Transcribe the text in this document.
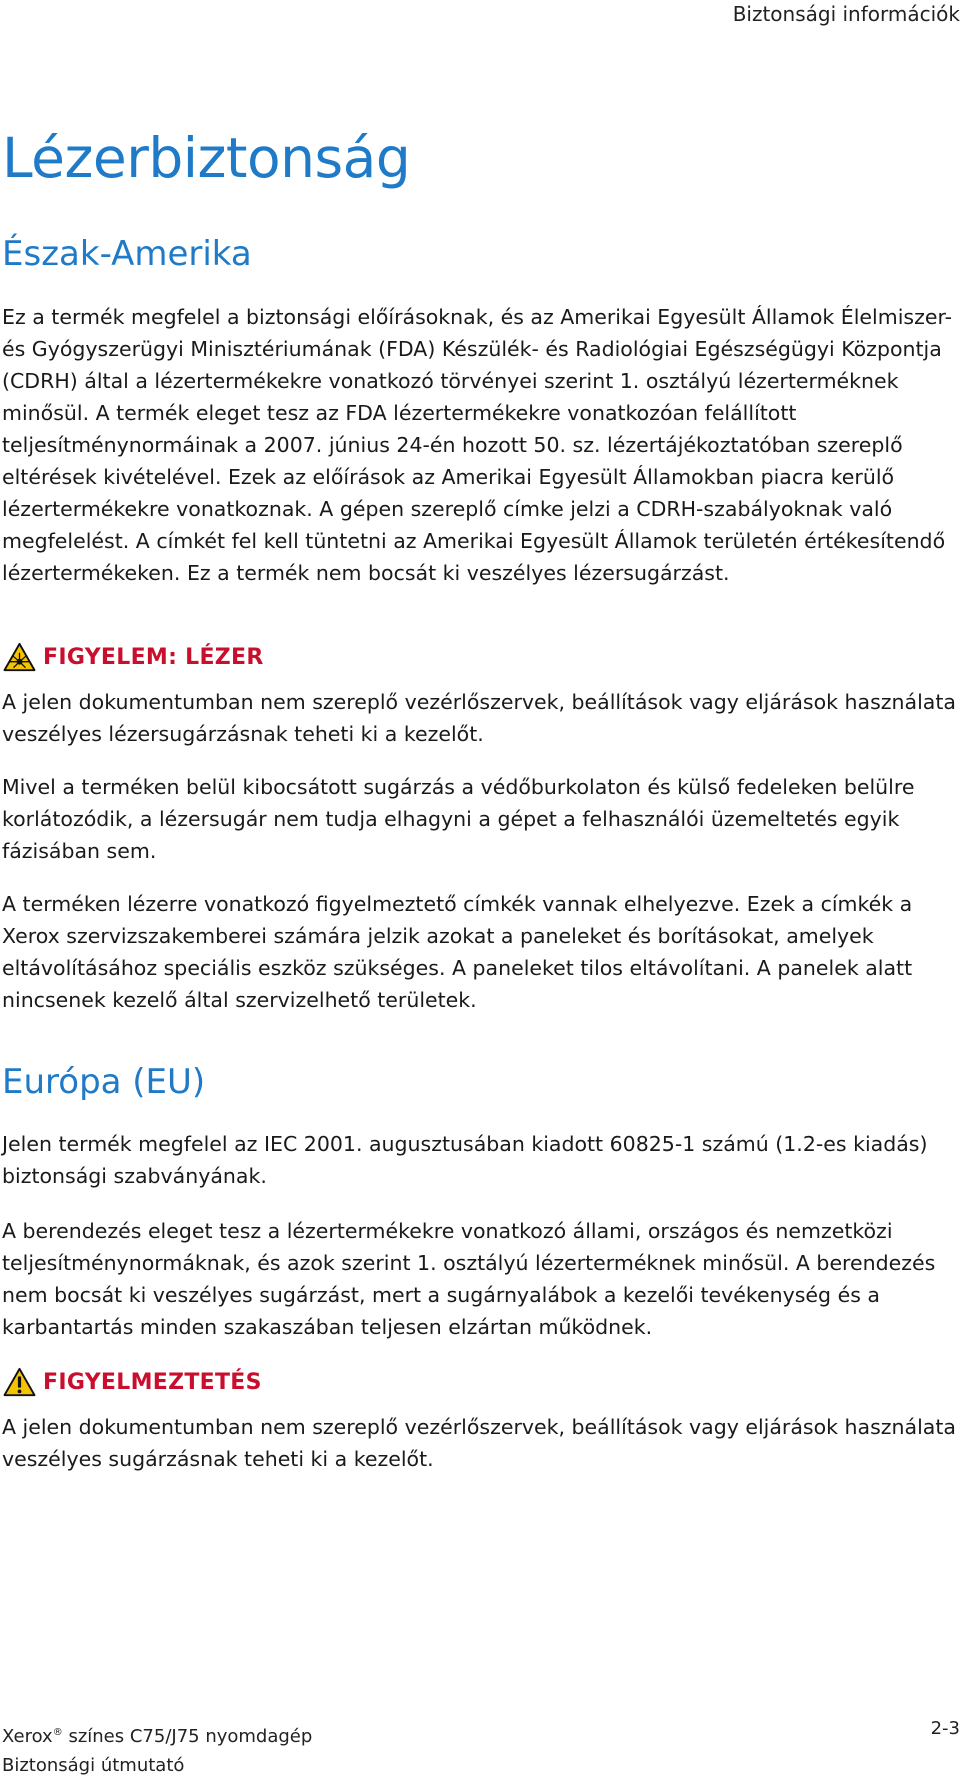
Biztonsági információk
Lézerbiztonság
Észak-Amerika

Ez a termék megfelel a biztonsági előírásoknak, és az Amerikai Egyesült Államok Élelmiszer- és Gyógyszerügyi Minisztériumának (FDA) Készülék- és Radiológiai Egészségügyi Központja (CDRH) által a lézertermékekre vonatkozó törvényei szerint 1. osztályú lézerterméknek minősül. A termék eleget tesz az FDA lézertermékekre vonatkozóan felállított teljesítménynormáinak a 2007. június 24-én hozott 50. sz. lézertájékoztatóban szereplő eltérések kivételével. Ezek az előírások az Amerikai Egyesült Államokban piacra kerülő lézertermékekre vonatkoznak. A gépen szereplő címke jelzi a CDRH-szabályoknak való megfelelést. A címkét fel kell tüntetni az Amerikai Egyesült Államok területén értékesítendő lézertermékeken. Ez a termék nem bocsát ki veszélyes lézersugárzást.

FIGYELEM: LÉZER

A jelen dokumentumban nem szereplő vezérlőszervek, beállítások vagy eljárások használata veszélyes lézersugárzásnak teheti ki a kezelőt.

Mivel a terméken belül kibocsátott sugárzás a védőburkolaton és külső fedeleken belülre korlátozódik, a lézersugár nem tudja elhagyni a gépet a felhasználói üzemeltetés egyik fázisában sem.

A terméken lézerre vonatkozó figyelmeztető címkék vannak elhelyezve. Ezek a címkék a Xerox szervizszakemberei számára jelzik azokat a paneleket és borításokat, amelyek eltávolításához speciális eszköz szükséges. A paneleket tilos eltávolítani. A panelek alatt nincsenek kezelő által szervizelhető területek.

Európa (EU)

Jelen termék megfelel az IEC 2001. augusztusában kiadott 60825-1 számú (1.2-es kiadás) biztonsági szabványának.

A berendezés eleget tesz a lézertermékekre vonatkozó állami, országos és nemzetközi teljesítménynormáknak, és azok szerint 1. osztályú lézerterméknek minősül. A berendezés nem bocsát ki veszélyes sugárzást, mert a sugárnyalábok a kezelői tevékenység és a karbantartás minden szakaszában teljesen elzártan működnek.

FIGYELMEZTETÉS

A jelen dokumentumban nem szereplő vezérlőszervek, beállítások vagy eljárások használata veszélyes sugárzásnak teheti ki a kezelőt.

Xerox® színes C75/J75 nyomdagép
Biztonsági útmutató
2-3
